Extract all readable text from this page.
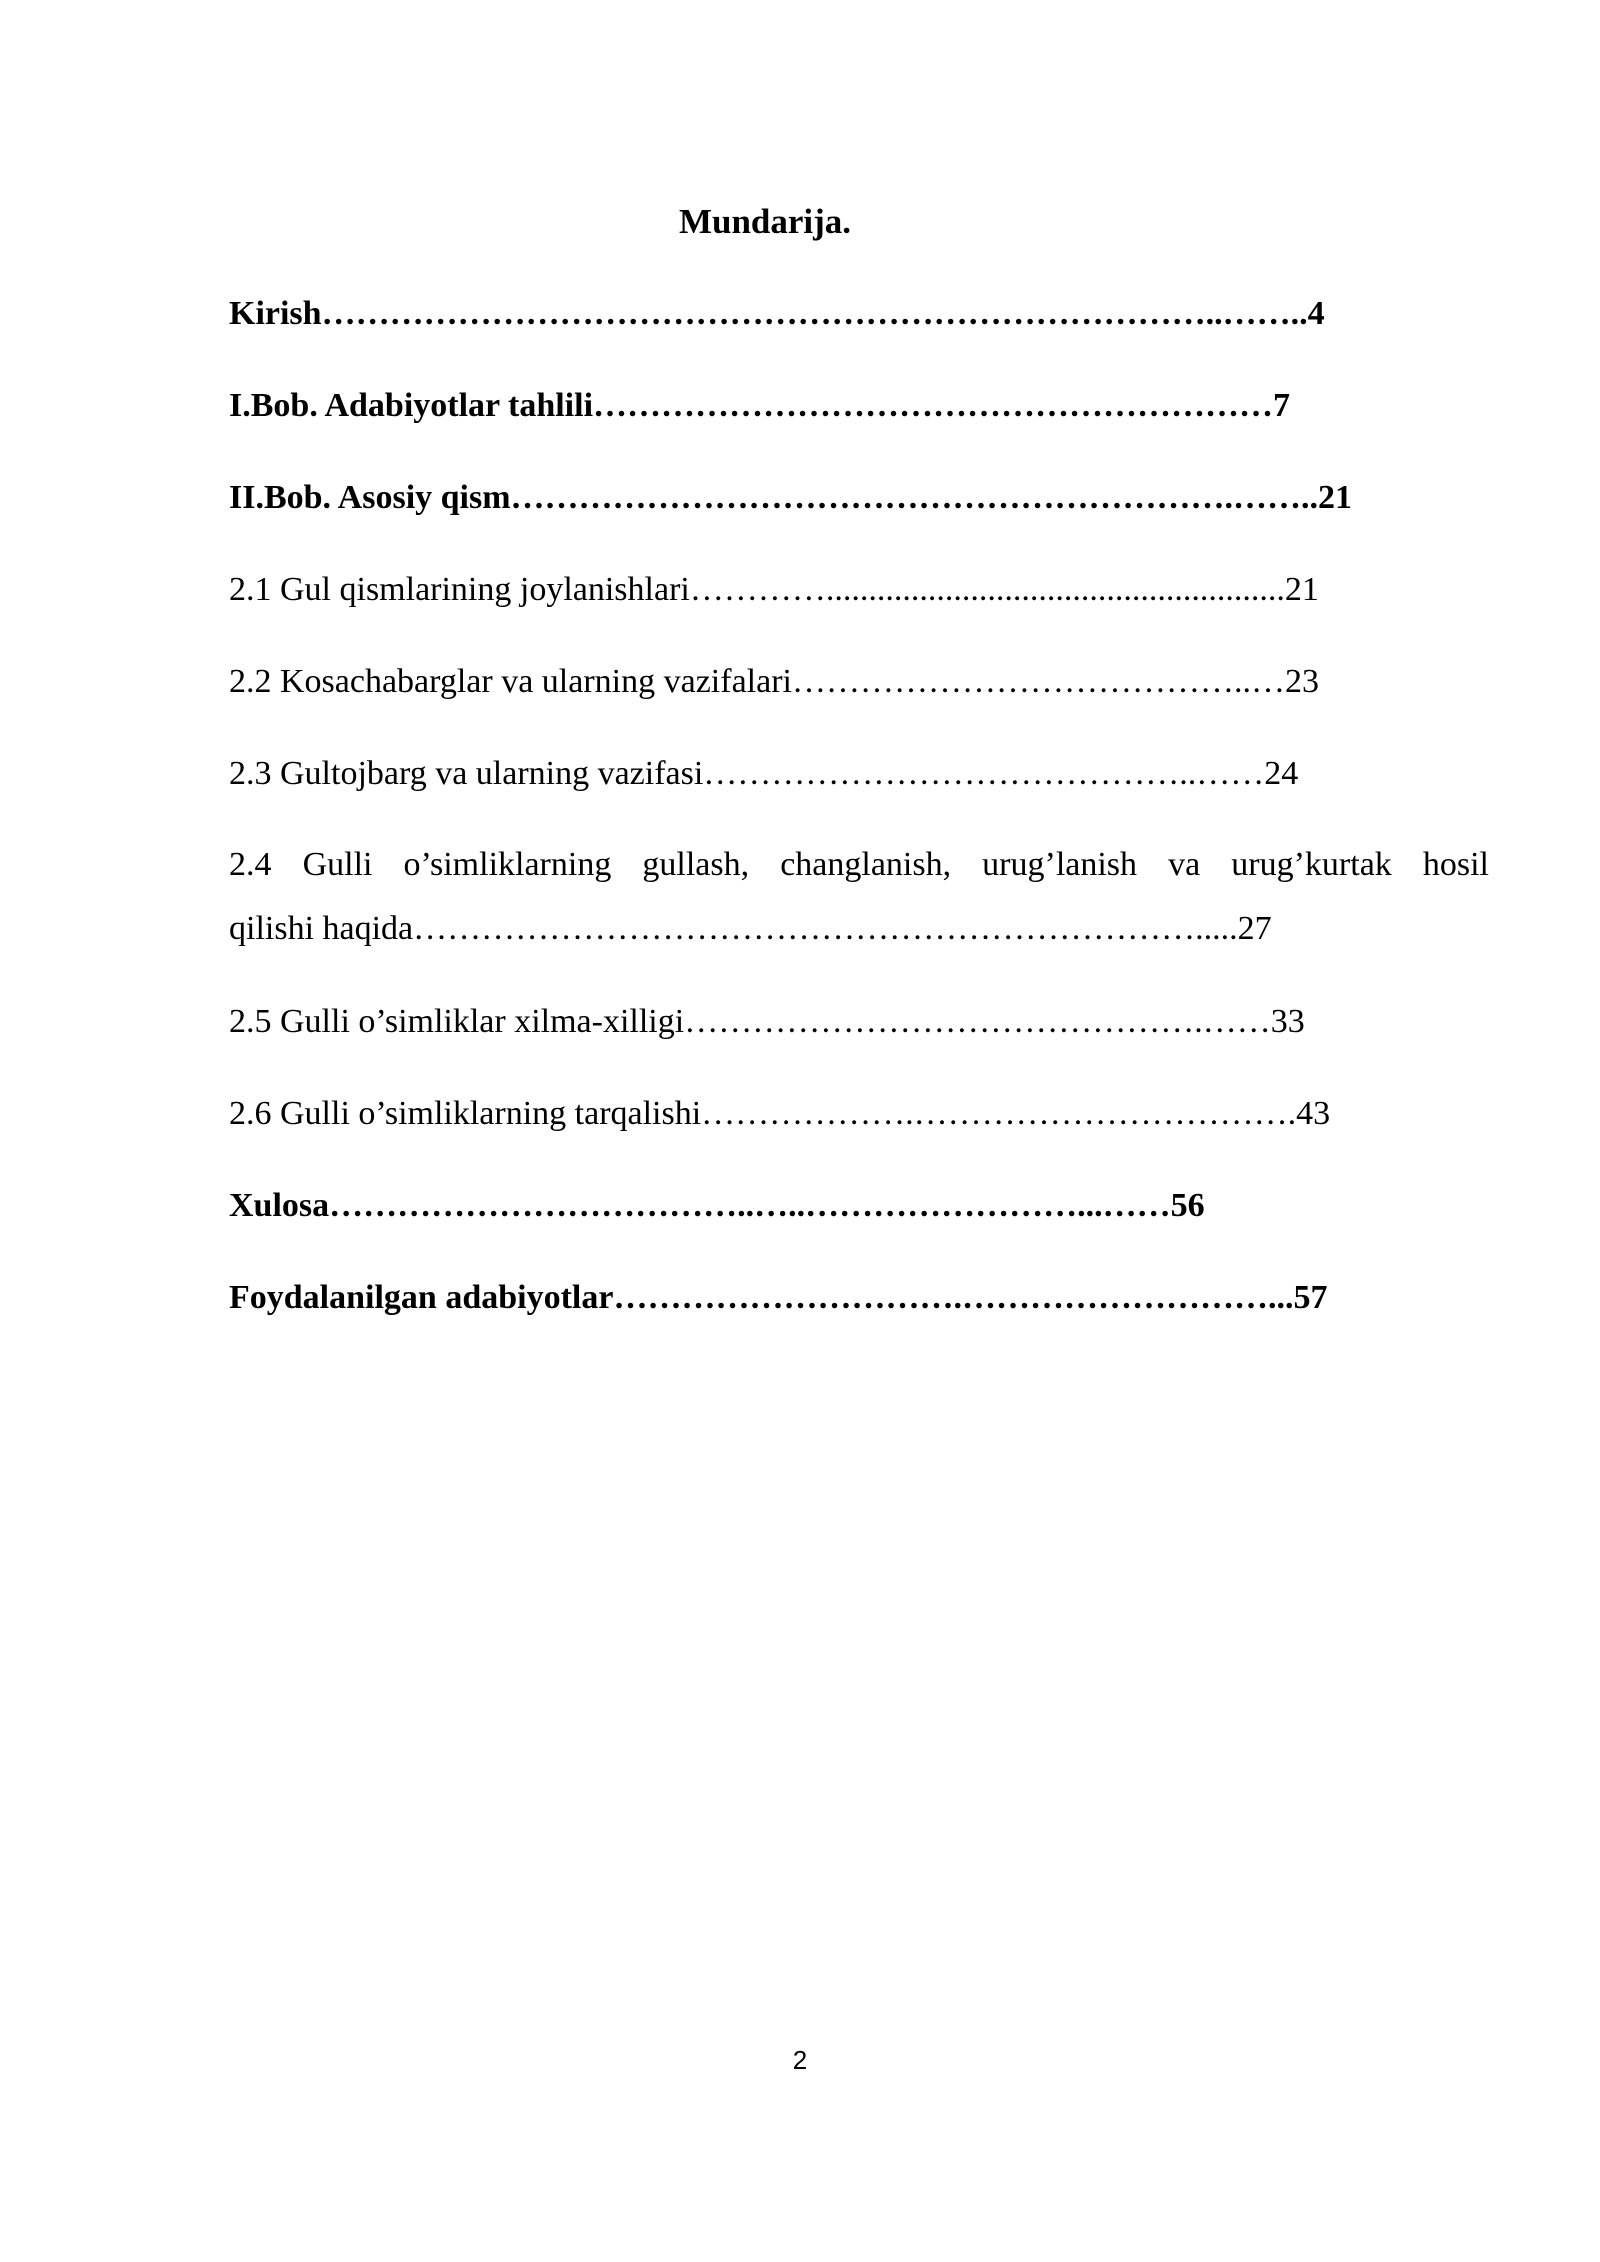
Mundarija.
Kirish……………………………………………………………………..……..4
I.Bob. Adabiyotlar tahlili……………………………………………………7
II.Bob. Asosiy qism……………………………………………………….……..21
2.1 Gul qismlarining joylanishlari…………......................................................21
2.2 Kosachabarglar va ularning vazifalari…………………………………..…23
2.3 Gultojbarg va ularning vazifasi……………………………………..……24
2.4 Gulli o’simliklarning gullash, changlanish, urug’lanish va urug’kurtak hosil
qilishi haqida…………………………………………………………….....27
2.5 Gulli o’simliklar xilma-xilligi……………………………………….……33
2.6 Gulli o’simliklarning tarqalishi……………….…………………………….43
Xulosa………………………………..…..……………………...……56
Foydalanilgan adabiyotlar………………………….………………………...57
2
